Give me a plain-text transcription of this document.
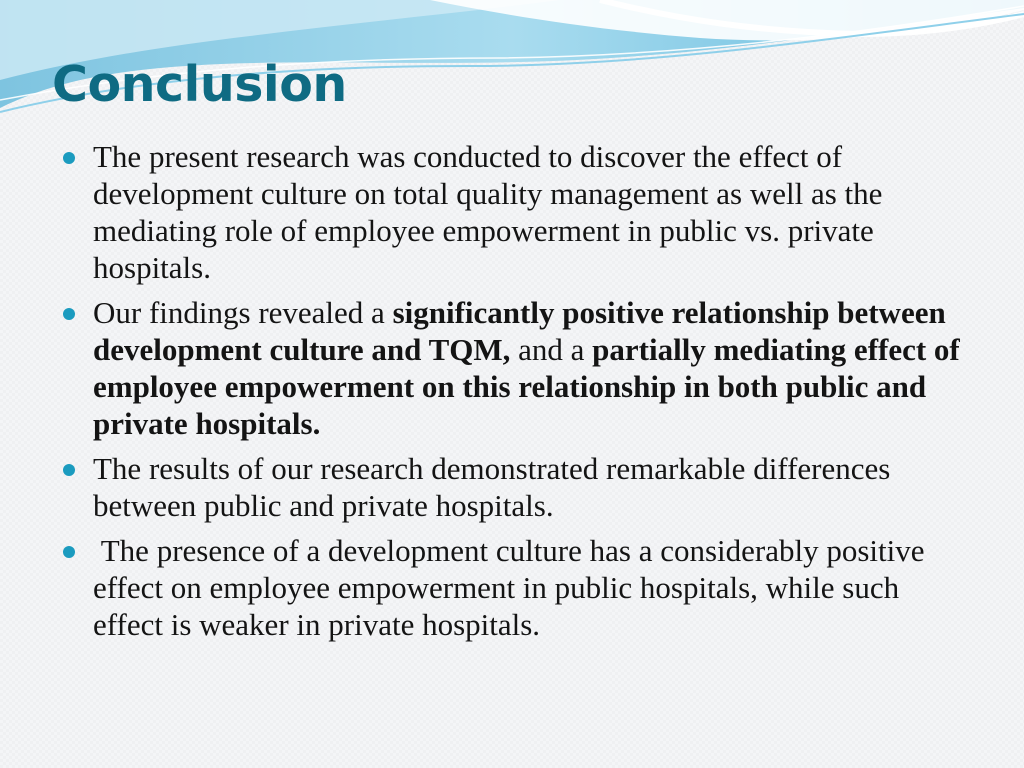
Conclusion
The present research was conducted to discover the effect of development culture on total quality management as well as the mediating role of employee empowerment in public vs. private hospitals.
Our findings revealed a significantly positive relationship between development culture and TQM, and a partially mediating effect of employee empowerment on this relationship in both public and private hospitals.
The results of our research demonstrated remarkable differences between public and private hospitals.
The presence of a development culture has a considerably positive effect on employee empowerment in public hospitals, while such effect is weaker in private hospitals.
